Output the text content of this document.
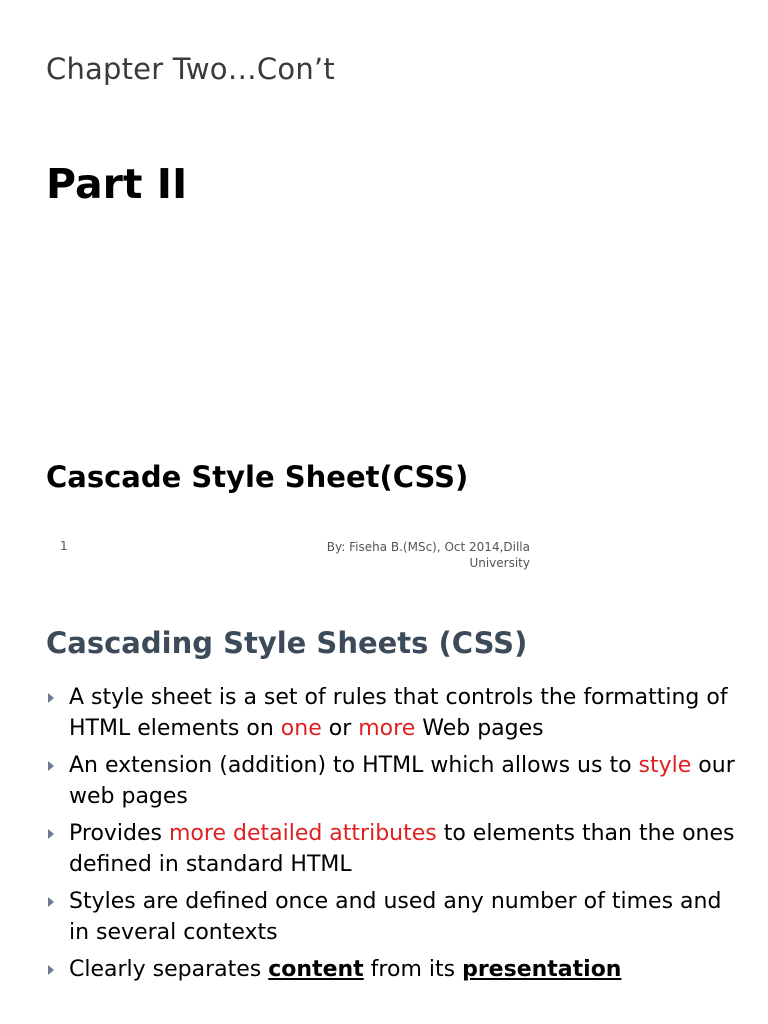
Chapter Two…Con’t
Part II
Cascade Style Sheet(CSS)
1	By: Fiseha B.(MSc), Oct 2014,Dilla
University
Cascading Style Sheets (CSS)
A style sheet is a set of rules that controls the formatting of HTML elements on one or more Web pages
An extension (addition) to HTML which allows us to style our web pages
Provides more detailed attributes to elements than the ones defined in standard HTML
Styles are defined once and used any number of times and in several contexts
Clearly separates content from its presentation
